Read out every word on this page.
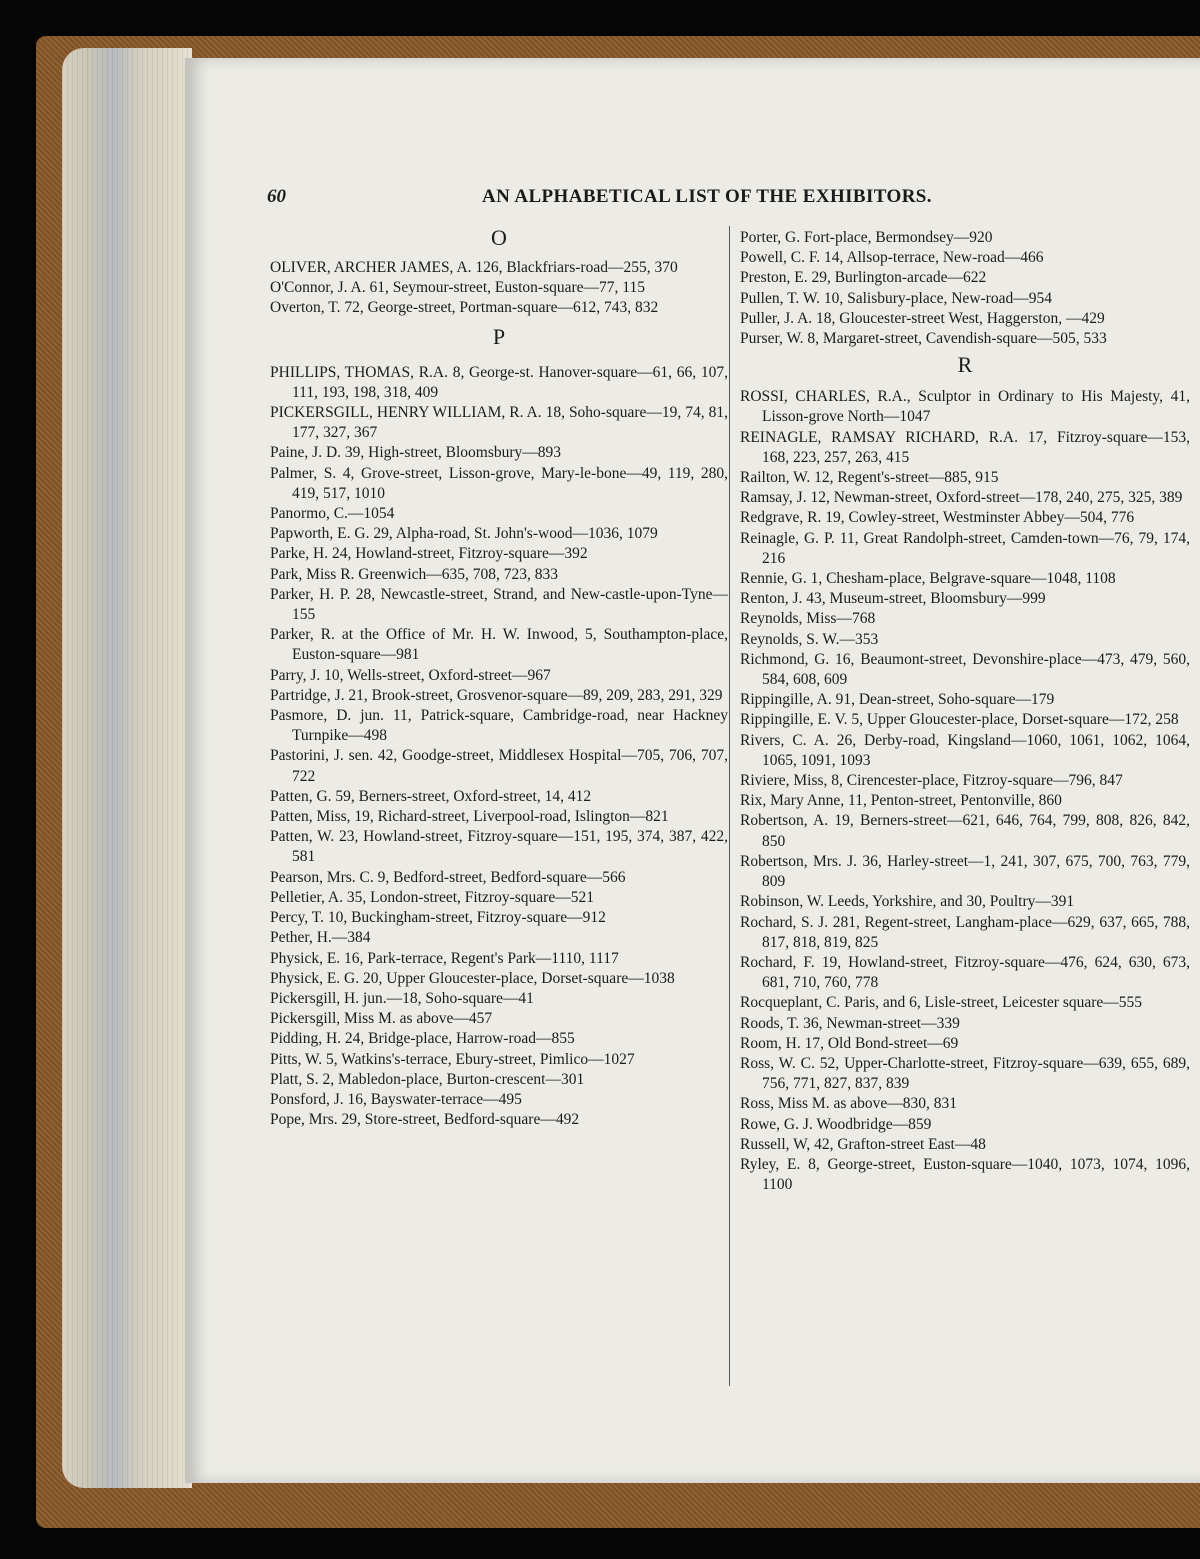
60	AN ALPHABETICAL LIST OF THE EXHIBITORS.
O

OLIVER, ARCHER JAMES, A. 126, Blackfriars-road—255, 370

O'Connor, J. A. 61, Seymour-street, Euston-square—77, 115

Overton, T. 72, George-street, Portman-square—612, 743, 832

P

PHILLIPS, THOMAS, R.A. 8, George-st. Hanover-square—61, 66, 107, 111, 193, 198, 318, 409

PICKERSGILL, HENRY WILLIAM, R. A. 18, Soho-square—19, 74, 81, 177, 327, 367

Paine, J. D. 39, High-street, Bloomsbury—893

Palmer, S. 4, Grove-street, Lisson-grove, Mary-le-bone—49, 119, 280, 419, 517, 1010

Panormo, C.—1054

Papworth, E. G. 29, Alpha-road, St. John's-wood—1036, 1079

Parke, H. 24, Howland-street, Fitzroy-square—392

Park, Miss R. Greenwich—635, 708, 723, 833

Parker, H. P. 28, Newcastle-street, Strand, and New-castle-upon-Tyne—155

Parker, R. at the Office of Mr. H. W. Inwood, 5, Southampton-place, Euston-square—981

Parry, J. 10, Wells-street, Oxford-street—967

Partridge, J. 21, Brook-street, Grosvenor-square—89, 209, 283, 291, 329

Pasmore, D. jun. 11, Patrick-square, Cambridge-road, near Hackney Turnpike—498

Pastorini, J. sen. 42, Goodge-street, Middlesex Hospital—705, 706, 707, 722

Patten, G. 59, Berners-street, Oxford-street, 14, 412

Patten, Miss, 19, Richard-street, Liverpool-road, Islington—821

Patten, W. 23, Howland-street, Fitzroy-square—151, 195, 374, 387, 422, 581

Pearson, Mrs. C. 9, Bedford-street, Bedford-square—566

Pelletier, A. 35, London-street, Fitzroy-square—521

Percy, T. 10, Buckingham-street, Fitzroy-square—912

Pether, H.—384

Physick, E. 16, Park-terrace, Regent's Park—1110, 1117

Physick, E. G. 20, Upper Gloucester-place, Dorset-square—1038

Pickersgill, H. jun.—18, Soho-square—41

Pickersgill, Miss M. as above—457

Pidding, H. 24, Bridge-place, Harrow-road—855

Pitts, W. 5, Watkins's-terrace, Ebury-street, Pimlico—1027

Platt, S. 2, Mabledon-place, Burton-crescent—301

Ponsford, J. 16, Bayswater-terrace—495

Pope, Mrs. 29, Store-street, Bedford-square—492

Porter, G. Fort-place, Bermondsey—920

Powell, C. F. 14, Allsop-terrace, New-road—466

Preston, E. 29, Burlington-arcade—622

Pullen, T. W. 10, Salisbury-place, New-road—954

Puller, J. A. 18, Gloucester-street West, Haggerston, —429

Purser, W. 8, Margaret-street, Cavendish-square—505, 533

R

ROSSI, CHARLES, R.A., Sculptor in Ordinary to His Majesty, 41, Lisson-grove North—1047

REINAGLE, RAMSAY RICHARD, R.A. 17, Fitzroy-square—153, 168, 223, 257, 263, 415

Railton, W. 12, Regent's-street—885, 915

Ramsay, J. 12, Newman-street, Oxford-street—178, 240, 275, 325, 389

Redgrave, R. 19, Cowley-street, Westminster Abbey—504, 776

Reinagle, G. P. 11, Great Randolph-street, Camden-town—76, 79, 174, 216

Rennie, G. 1, Chesham-place, Belgrave-square—1048, 1108

Renton, J. 43, Museum-street, Bloomsbury—999

Reynolds, Miss—768

Reynolds, S. W.—353

Richmond, G. 16, Beaumont-street, Devonshire-place—473, 479, 560, 584, 608, 609

Rippingille, A. 91, Dean-street, Soho-square—179

Rippingille, E. V. 5, Upper Gloucester-place, Dorset-square—172, 258

Rivers, C. A. 26, Derby-road, Kingsland—1060, 1061, 1062, 1064, 1065, 1091, 1093

Riviere, Miss, 8, Cirencester-place, Fitzroy-square—796, 847

Rix, Mary Anne, 11, Penton-street, Pentonville, 860

Robertson, A. 19, Berners-street—621, 646, 764, 799, 808, 826, 842, 850

Robertson, Mrs. J. 36, Harley-street—1, 241, 307, 675, 700, 763, 779, 809

Robinson, W. Leeds, Yorkshire, and 30, Poultry—391

Rochard, S. J. 281, Regent-street, Langham-place—629, 637, 665, 788, 817, 818, 819, 825

Rochard, F. 19, Howland-street, Fitzroy-square—476, 624, 630, 673, 681, 710, 760, 778

Rocqueplant, C. Paris, and 6, Lisle-street, Leicester square—555

Roods, T. 36, Newman-street—339

Room, H. 17, Old Bond-street—69

Ross, W. C. 52, Upper-Charlotte-street, Fitzroy-square—639, 655, 689, 756, 771, 827, 837, 839

Ross, Miss M. as above—830, 831

Rowe, G. J. Woodbridge—859

Russell, W, 42, Grafton-street East—48

Ryley, E. 8, George-street, Euston-square—1040, 1073, 1074, 1096, 1100
